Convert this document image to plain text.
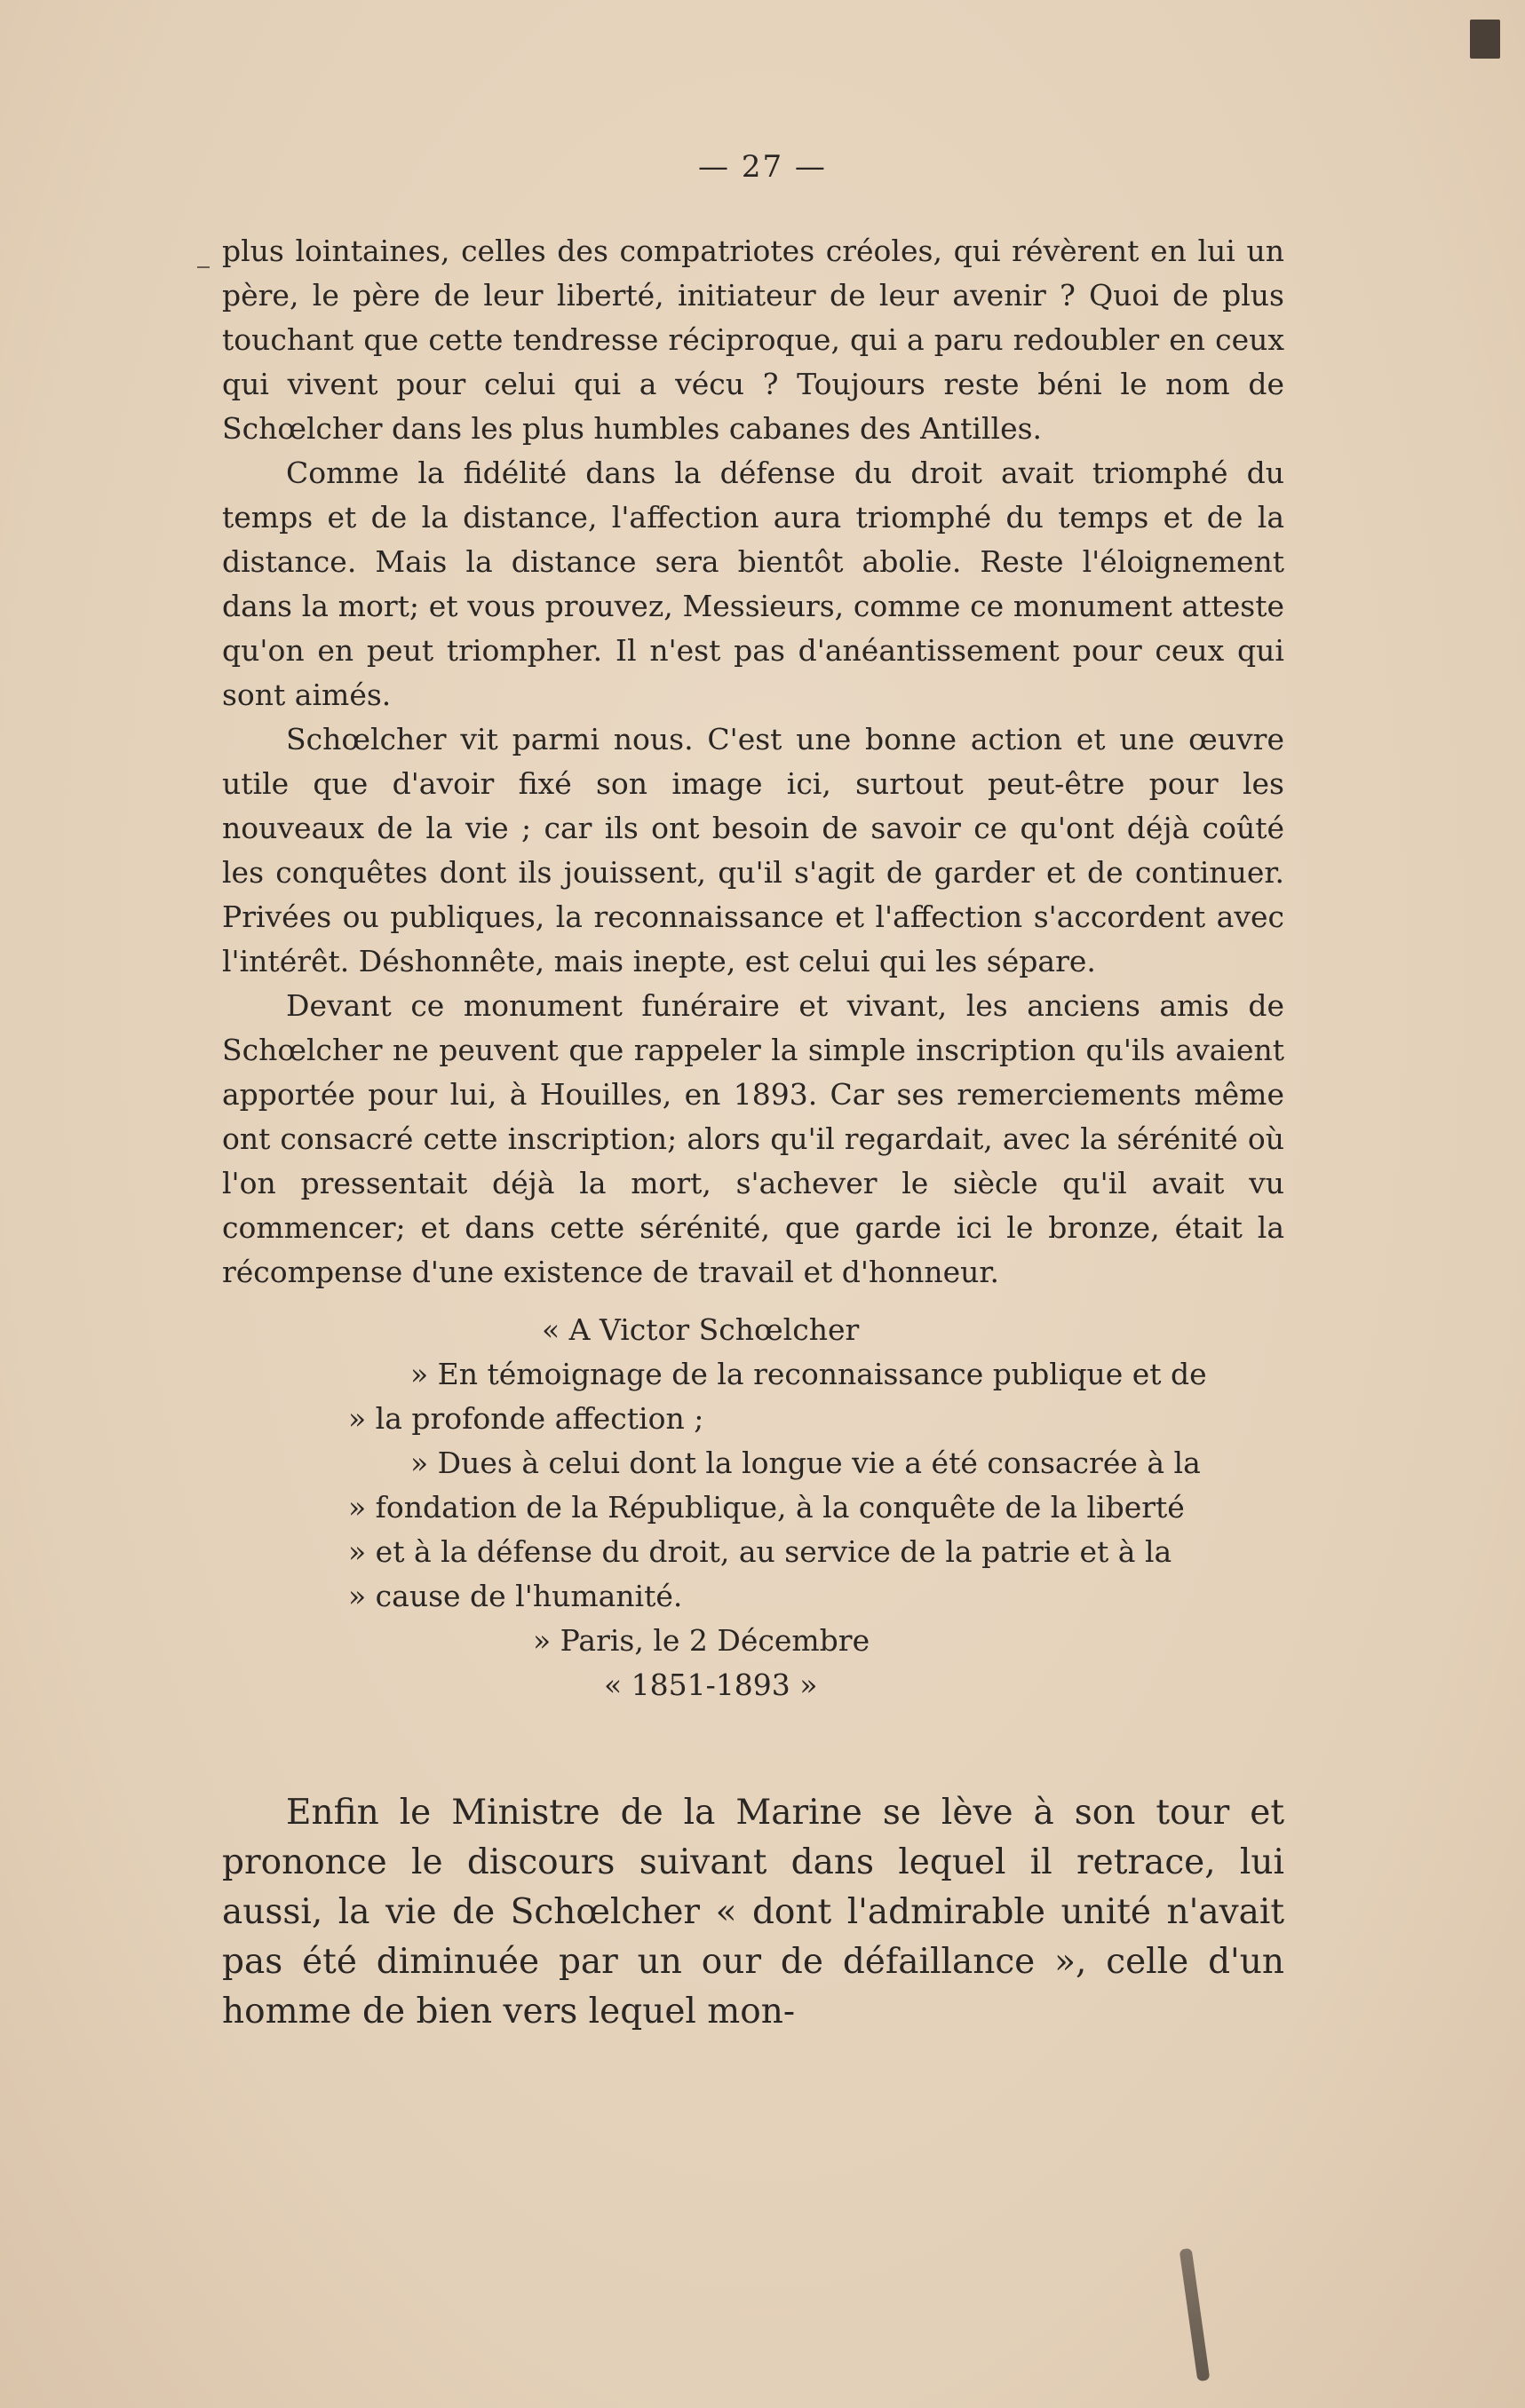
— 27 —

plus lointaines, celles des compatriotes créoles, qui révèrent en lui un père, le père de leur liberté, initiateur de leur avenir ? Quoi de plus touchant que cette tendresse réciproque, qui a paru redoubler en ceux qui vivent pour celui qui a vécu ? Toujours reste béni le nom de Schœlcher dans les plus humbles cabanes des Antilles.

Comme la fidélité dans la défense du droit avait triomphé du temps et de la distance, l'affection aura triomphé du temps et de la distance. Mais la distance sera bientôt abolie. Reste l'éloignement dans la mort; et vous prouvez, Messieurs, comme ce monument atteste qu'on en peut triompher. Il n'est pas d'anéantissement pour ceux qui sont aimés.

Schœlcher vit parmi nous. C'est une bonne action et une œuvre utile que d'avoir fixé son image ici, surtout peut-être pour les nouveaux de la vie ; car ils ont besoin de savoir ce qu'ont déjà coûté les conquêtes dont ils jouissent, qu'il s'agit de garder et de continuer. Privées ou publiques, la reconnaissance et l'affection s'accordent avec l'intérêt. Déshonnête, mais inepte, est celui qui les sépare.

Devant ce monument funéraire et vivant, les anciens amis de Schœlcher ne peuvent que rappeler la simple inscription qu'ils avaient apportée pour lui, à Houilles, en 1893. Car ses remerciements même ont consacré cette inscription; alors qu'il regardait, avec la sérénité où l'on pressentait déjà la mort, s'achever le siècle qu'il avait vu commencer; et dans cette sérénité, que garde ici le bronze, était la récompense d'une existence de travail et d'honneur.

« A Victor Schœlcher
» En témoignage de la reconnaissance publique et de
» la profonde affection ;
» Dues à celui dont la longue vie a été consacrée à la
» fondation de la République, à la conquête de la liberté
» et à la défense du droit, au service de la patrie et à la
» cause de l'humanité.
» Paris, le 2 Décembre
« 1851-1893 »

Enfin le Ministre de la Marine se lève à son tour et prononce le discours suivant dans lequel il retrace, lui aussi, la vie de Schœlcher « dont l'admirable unité n'avait pas été diminuée par un our de défaillance », celle d'un homme de bien vers lequel mon-
